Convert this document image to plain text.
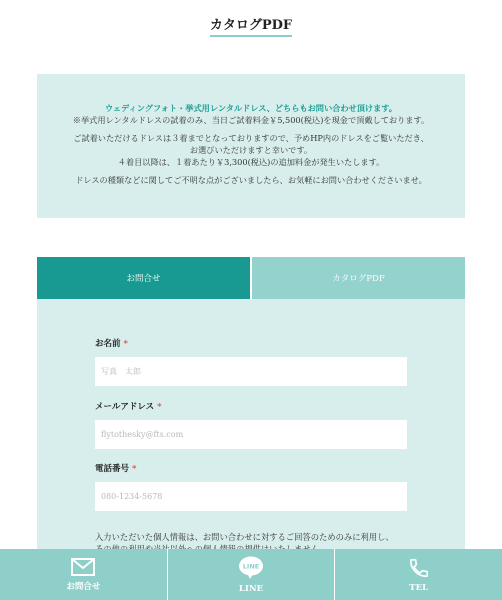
カタログPDF

ウェディングフォト・挙式用レンタルドレス、どちらもお問い合わせ頂けます。

※挙式用レンタルドレスの試着のみ、当日ご試着料金￥5,500(税込)を現金で頂戴しております。

ご試着いただけるドレスは３着までとなっておりますので、予めHP内のドレスをご覧いただき、

お選びいただけますと幸いです。

４着目以降は、１着あたり￥3,300(税込)の追加料金が発生いたします。

ドレスの種類などに関してご不明な点がございましたら、お気軽にお問い合わせくださいませ。

お問合せ	カタログPDF
お名前 *
写真　太郎
メールアドレス *
flytothesky@fts.com
電話番号 *
080-1234-5678
入力いただいた個人情報は、お問い合わせに対するご回答のためのみに利用し、
お問合せ
LINE
LINE	TEL
